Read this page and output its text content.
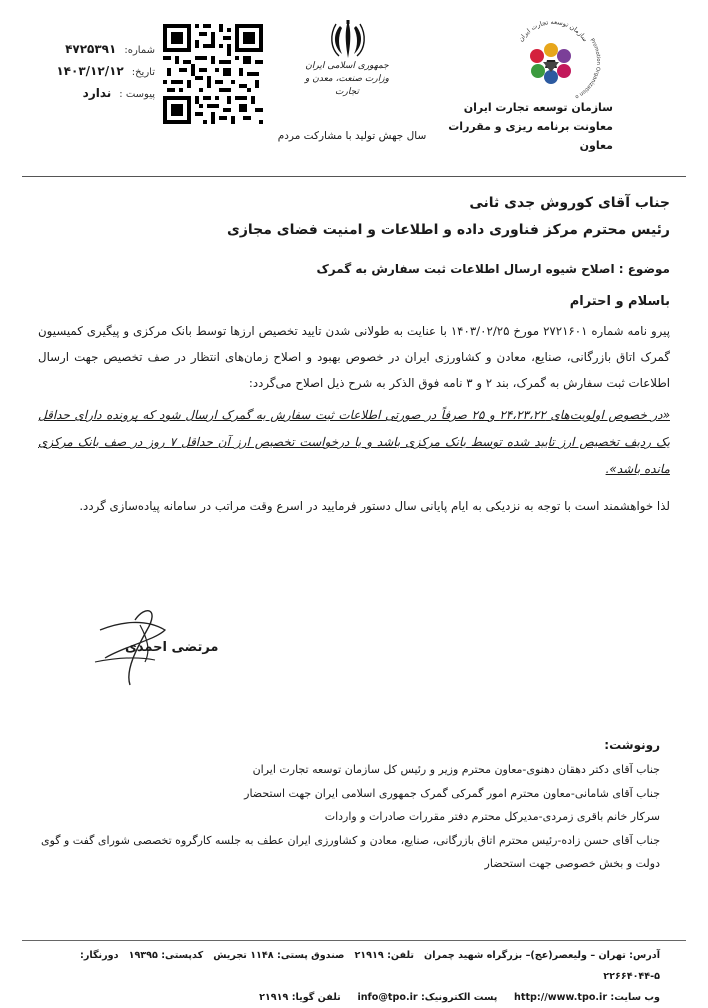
سازمان توسعه تجارت ایران Promotion Organization o
سازمان توسعه تجارت ایران
معاونت برنامه ریزی و مقررات
معاون
جمهوری اسلامی ایران
وزارت صنعت، معدن و تجارت
سال جهش تولید با مشارکت مردم
شماره:
۴۷۲۵۳۹۱
تاریخ:
۱۴۰۳/۱۲/۱۲
پیوست :
ندارد
جناب آقای کوروش جدی ثانی
رئیس محترم مرکز فناوری داده و اطلاعات و امنیت فضای مجازی
موضوع : اصلاح شیوه ارسال اطلاعات ثبت سفارش به گمرک
باسلام و احترام
پیرو نامه شماره ۲۷۲۱۶۰۱ مورخ ۱۴۰۳/۰۲/۲۵ با عنایت به طولانی شدن تایید تخصیص ارزها توسط بانک مرکزی و پیگیری کمیسیون گمرک اتاق بازرگانی، صنایع، معادن و کشاورزی ایران در خصوص بهبود و اصلاح زمان‌های انتظار در صف تخصیص جهت ارسال اطلاعات ثبت سفارش به گمرک، بند ۲ و ۳ نامه فوق الذکر به شرح ذیل اصلاح می‌گردد:
«در خصوص اولویت‌های ۲۴،۲۳،۲۲ و ۲۵ صرفاً در صورتی اطلاعات ثبت سفارش به گمرک ارسال شود که پرونده دارای حداقل یک ردیف تخصیص ارز تایید شده توسط بانک مرکزی باشد و یا درخواست تخصیص ارز آن حداقل ۷ روز در صف بانک مرکزی مانده باشد».
لذا خواهشمند است با توجه به نزدیکی به ایام پایانی سال دستور فرمایید در اسرع وقت مراتب در سامانه پیاده‌سازی گردد.
مرتضی احمدی
رونوشت:
جناب آقای دکتر دهقان دهنوی-معاون محترم وزیر و رئیس کل سازمان توسعه تجارت ایران
جناب آقای شامانی-معاون محترم امور گمرکی گمرک جمهوری اسلامی ایران جهت استحضار
سرکار خانم باقری زمردی-مدیرکل محترم دفتر مقررات صادرات و واردات
جناب آقای حسن زاده-رئیس محترم اتاق بازرگانی، صنایع، معادن و کشاورزی ایران عطف به جلسه کارگروه تخصصی شورای گفت و گوی دولت و بخش خصوصی جهت استحضار
آدرس: تهران – ولیعصر(عج)– بزرگراه شهید چمران   تلفن: ۲۱۹۱۹   صندوق پستی: ۱۱۴۸ تجریش   کدپستی: ۱۹۳۹۵   دورنگار: ۵-۲۲۶۶۴۰۴۴
وب سایت: http://www.tpo.ir     پست الکترونیک: info@tpo.ir     تلفن گویا: ۲۱۹۱۹
